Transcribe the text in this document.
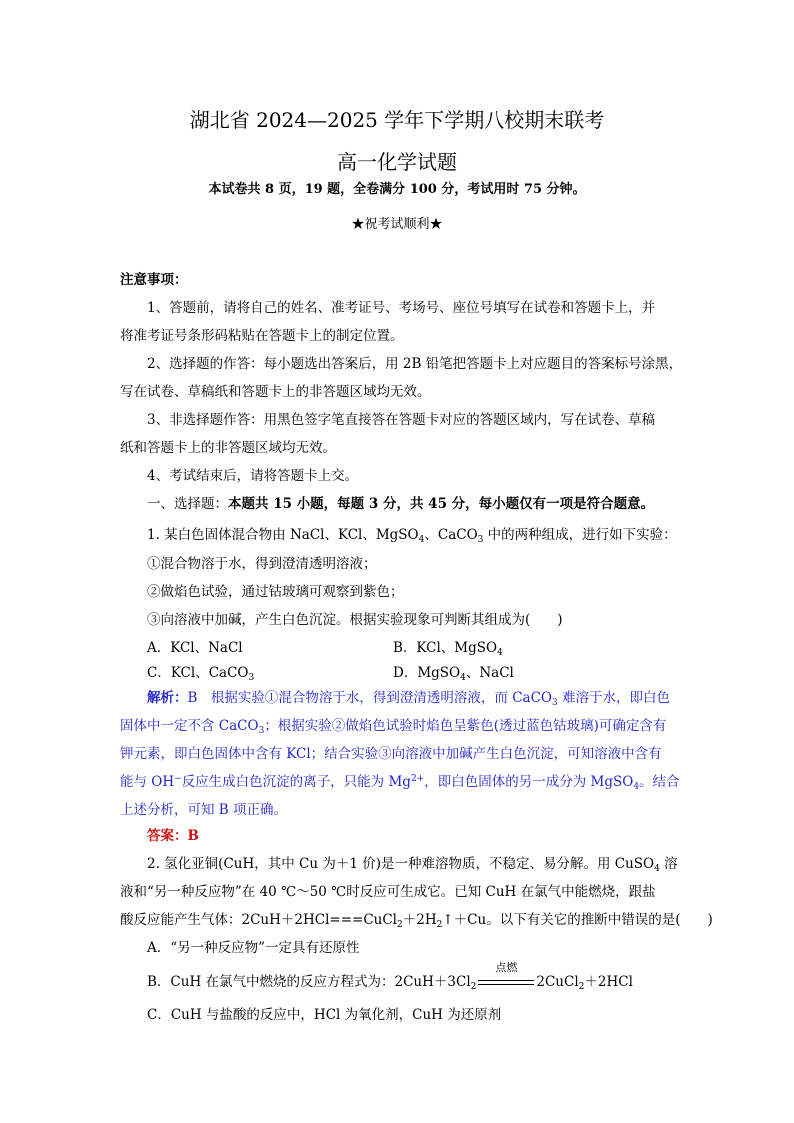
湖北省 2024—2025 学年下学期八校期末联考
高一化学试题
本试卷共 8 页，19 题，全卷满分 100 分，考试用时 75 分钟。
★祝考试顺利★
注意事项：
1、答题前，请将自己的姓名、准考证号、考场号、座位号填写在试卷和答题卡上，并
将准考证号条形码粘贴在答题卡上的制定位置。
2、选择题的作答：每小题选出答案后，用 2B 铅笔把答题卡上对应题目的答案标号涂黑，
写在试卷、草稿纸和答题卡上的非答题区域均无效。
3、非选择题作答：用黑色签字笔直接答在答题卡对应的答题区域内，写在试卷、草稿
纸和答题卡上的非答题区域均无效。
4、考试结束后，请将答题卡上交。
一、选择题：本题共 15 小题，每题 3 分，共 45 分，每小题仅有一项是符合题意。
1. 某白色固体混合物由 NaCl、KCl、MgSO$_4$、CaCO$_3$ 中的两种组成，进行如下实验：
①混合物溶于水，得到澄清透明溶液；
②做焰色试验，通过钴玻璃可观察到紫色；
③向溶液中加碱，产生白色沉淀。根据实验现象可判断其组成为(　　)
A．KCl、NaCl	B．KCl、MgSO$_4$
C．KCl、CaCO$_3$	D．MgSO$_4$、NaCl
解析：B　根据实验①混合物溶于水，得到澄清透明溶液，而 CaCO$_3$ 难溶于水，即白色
固体中一定不含 CaCO$_3$；根据实验②做焰色试验时焰色呈紫色(透过蓝色钴玻璃)可确定含有
钾元素，即白色固体中含有 KCl；结合实验③向溶液中加碱产生白色沉淀，可知溶液中含有
能与 OH−反应生成白色沉淀的离子，只能为 $Mg^{2+}$，即白色固体的另一成分为 MgSO$_4$。结合
上述分析，可知 B 项正确。
答案：B
2. 氢化亚铜(CuH，其中 Cu 为＋1 价)是一种难溶物质，不稳定、易分解。用 CuSO$_4$ 溶
液和“另一种反应物”在 40 ℃～50 ℃时反应可生成它。已知 CuH 在氯气中能燃烧，跟盐
酸反应能产生气体：$2CuH+2HCl===CuCl_2+2H_2↑+Cu$。以下有关它的推断中错误的是(　　)
A．“另一种反应物”一定具有还原性
B．CuH 在氯气中燃烧的反应方程式为：$2CuH+3Cl_2$
点燃
2CuCl$_2$＋2HCl
C．CuH 与盐酸的反应中，HCl 为氧化剂，CuH 为还原剂
